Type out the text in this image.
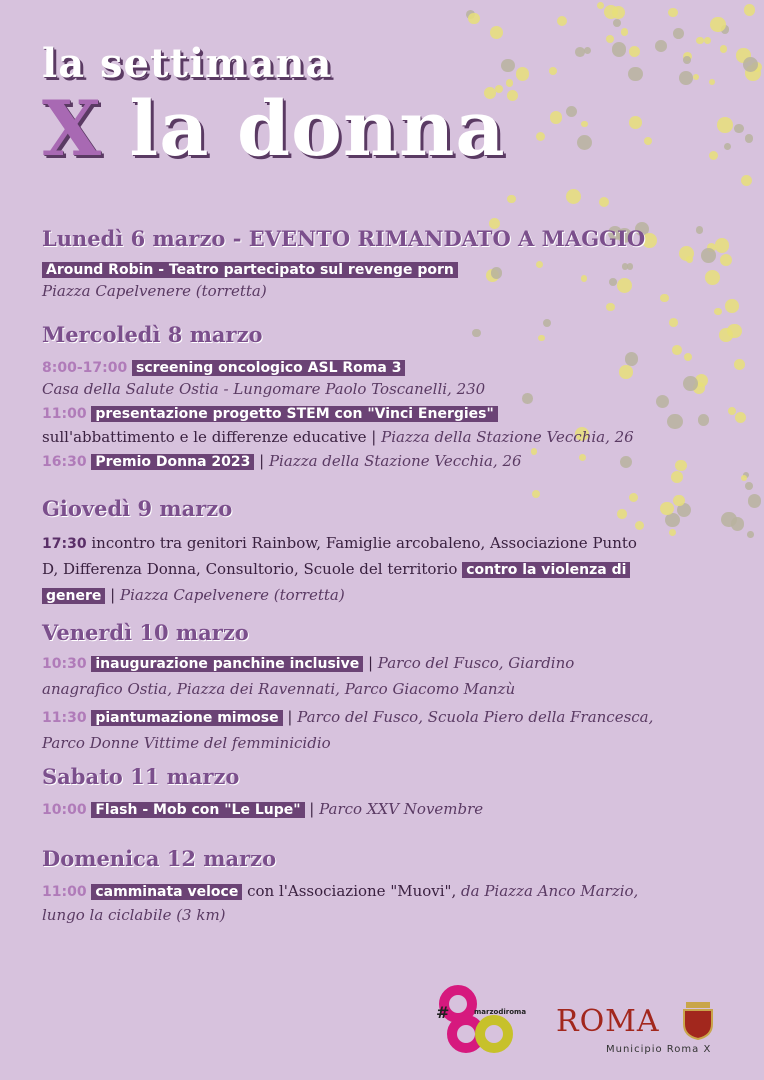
la settimana
X la donna

Lunedì 6 marzo - EVENTO RIMANDATO A MAGGIO

Around Robin - Teatro partecipato sul revenge porn

Piazza Capelvenere (torretta)

Mercoledì 8 marzo

8:00-17:00 screening oncologico ASL Roma 3

Casa della Salute Ostia - Lungomare Paolo Toscanelli, 230

11:00 presentazione progetto STEM con "Vinci Energies"

sull'abbattimento e le differenze educative | Piazza della Stazione Vecchia, 26

16:30 Premio Donna 2023 | Piazza della Stazione Vecchia, 26

Giovedì 9 marzo

17:30 incontro tra genitori Rainbow, Famiglie arcobaleno, Associazione Punto

D, Differenza Donna, Consultorio, Scuole del territorio contro la violenza di

genere | Piazza Capelvenere (torretta)

Venerdì 10 marzo

10:30 inaugurazione panchine inclusive | Parco del Fusco, Giardino

anagrafico Ostia, Piazza dei Ravennati, Parco Giacomo Manzù

11:30 piantumazione mimose | Parco del Fusco, Scuola Piero della Francesca,

Parco Donne Vittime del femminicidio

Sabato 11 marzo

10:00 Flash - Mob con "Le Lupe" | Parco XXV Novembre

Domenica 12 marzo

11:00 camminata veloce con l'Associazione "Muovi", da Piazza Anco Marzio,

lungo la ciclabile (3 km)

#	marzodiroma ROMA
Municipio Roma X
